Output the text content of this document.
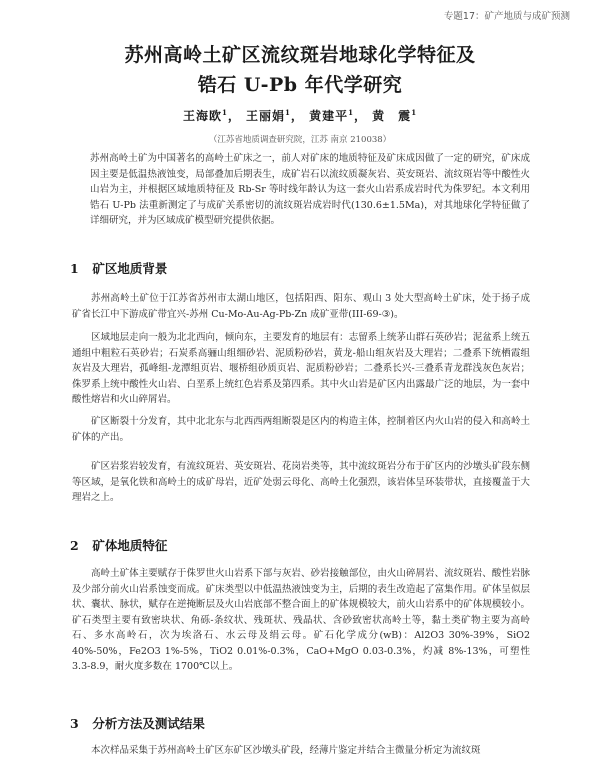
专题17：矿产地质与成矿预测
苏州高岭土矿区流纹斑岩地球化学特征及
锆石 U-Pb 年代学研究
王海欧$^1$， 王丽娟$^1$， 黄建平$^1$， 黄　震$^1$
（江苏省地质调查研究院，江苏 南京 210038）
苏州高岭土矿为中国著名的高岭土矿床之一，前人对矿床的地质特征及矿床成因做了一定的研究，矿床成因主要是低温热液蚀变，局部叠加后期表生，成矿岩石以流纹质凝灰岩、英安斑岩、流纹斑岩等中酸性火山岩为主，并根据区域地质特征及 Rb-Sr 等时线年龄认为这一套火山岩系成岩时代为侏罗纪。本文利用锆石 U-Pb 法重新测定了与成矿关系密切的流纹斑岩成岩时代(130.6±1.5Ma)，对其地球化学特征做了详细研究，并为区域成矿模型研究提供依据。
1 矿区地质背景
苏州高岭土矿位于江苏省苏州市太湖山地区，包括阳西、阳东、观山 3 处大型高岭土矿床，处于扬子成矿省长江中下游成矿带宜兴-苏州 Cu-Mo-Au-Ag-Pb-Zn 成矿亚带(III-69-③)。
区域地层走向一般为北北西向，倾向东，主要发育的地层有：志留系上统茅山群石英砂岩；泥盆系上统五通组中粗粒石英砂岩；石炭系高骊山组细砂岩、泥质粉砂岩，黄龙-船山组灰岩及大理岩；二叠系下统栖霞组灰岩及大理岩，孤峰组-龙潭组页岩、堰桥组砂质页岩、泥质粉砂岩；二叠系长兴-三叠系青龙群浅灰色灰岩；侏罗系上统中酸性火山岩、白垩系上统红色岩系及第四系。其中火山岩是矿区内出露最广泛的地层，为一套中酸性熔岩和火山碎屑岩。
矿区断裂十分发育，其中北北东与北西西两组断裂是区内的构造主体，控制着区内火山岩的侵入和高岭土矿体的产出。
矿区岩浆岩较发育，有流纹斑岩、英安斑岩、花岗岩类等，其中流纹斑岩分布于矿区内的沙墩头矿段东侧等区域，是氧化铁和高岭土的成矿母岩，近矿处弱云母化、高岭土化强烈，该岩体呈环装带状，直接覆盖于大理岩之上。
2 矿体地质特征
高岭土矿体主要赋存于侏罗世火山岩系下部与灰岩、砂岩接触部位，由火山碎屑岩、流纹斑岩、酸性岩脉及少部分前火山岩系蚀变而成。矿床类型以中低温热液蚀变为主，后期的表生改造起了富集作用。矿体呈似层状、囊状、脉状，赋存在逆掩断层及火山岩底部不整合面上的矿体规模较大，前火山岩系中的矿体规模较小。矿石类型主要有致密块状、角砾-条纹状、残斑状、残晶状、含砂致密状高岭土等，黏土类矿物主要为高岭石、多水高岭石，次为埃洛石、水云母及绢云母。矿石化学成分(wB)：Al2O3 30%-39%，SiO2 40%-50%，Fe2O3 1%-5%，TiO2 0.01%-0.3%，CaO+MgO 0.03-0.3%，灼减 8%-13%，可塑性 3.3-8.9，耐火度多数在 1700℃以上。
3 分析方法及测试结果
本次样品采集于苏州高岭土矿区东矿区沙墩头矿段，经薄片鉴定并结合主微量分析定为流纹斑
